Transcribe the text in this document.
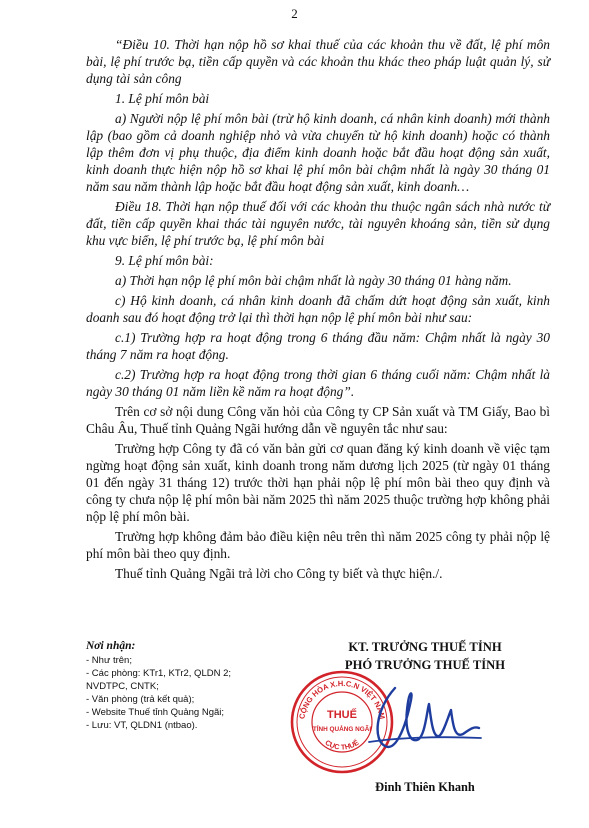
2

“Điều 10. Thời hạn nộp hồ sơ khai thuế của các khoản thu về đất, lệ phí môn bài, lệ phí trước bạ, tiền cấp quyền và các khoản thu khác theo pháp luật quản lý, sử dụng tài sản công

1. Lệ phí môn bài

a) Người nộp lệ phí môn bài (trừ hộ kinh doanh, cá nhân kinh doanh) mới thành lập (bao gồm cả doanh nghiệp nhỏ và vừa chuyển từ hộ kinh doanh) hoặc có thành lập thêm đơn vị phụ thuộc, địa điểm kinh doanh hoặc bắt đầu hoạt động sản xuất, kinh doanh thực hiện nộp hồ sơ khai lệ phí môn bài chậm nhất là ngày 30 tháng 01 năm sau năm thành lập hoặc bắt đầu hoạt động sản xuất, kinh doanh…

Điều 18. Thời hạn nộp thuế đối với các khoản thu thuộc ngân sách nhà nước từ đất, tiền cấp quyền khai thác tài nguyên nước, tài nguyên khoáng sản, tiền sử dụng khu vực biển, lệ phí trước bạ, lệ phí môn bài

9. Lệ phí môn bài:

a) Thời hạn nộp lệ phí môn bài chậm nhất là ngày 30 tháng 01 hàng năm.

c) Hộ kinh doanh, cá nhân kinh doanh đã chấm dứt hoạt động sản xuất, kinh doanh sau đó hoạt động trở lại thì thời hạn nộp lệ phí môn bài như sau:

c.1) Trường hợp ra hoạt động trong 6 tháng đầu năm: Chậm nhất là ngày 30 tháng 7 năm ra hoạt động.

c.2) Trường hợp ra hoạt động trong thời gian 6 tháng cuối năm: Chậm nhất là ngày 30 tháng 01 năm liền kề năm ra hoạt động”.

Trên cơ sở nội dung Công văn hỏi của Công ty CP Sản xuất và TM Giấy, Bao bì Châu Âu, Thuế tỉnh Quảng Ngãi hướng dẫn về nguyên tắc như sau:

Trường hợp Công ty đã có văn bản gửi cơ quan đăng ký kinh doanh về việc tạm ngừng hoạt động sản xuất, kinh doanh trong năm dương lịch 2025 (từ ngày 01 tháng 01 đến ngày 31 tháng 12) trước thời hạn phải nộp lệ phí môn bài theo quy định và công ty chưa nộp lệ phí môn bài năm 2025 thì năm 2025 thuộc trường hợp không phải nộp lệ phí môn bài.

Trường hợp không đảm bảo điều kiện nêu trên thì năm 2025 công ty phải nộp lệ phí môn bài theo quy định.

Thuế tỉnh Quảng Ngãi trả lời cho Công ty biết và thực hiện./.

Nơi nhận:
- Như trên;
- Các phòng: KTr1, KTr2, QLDN 2;
NVDTPC, CNTK;
- Văn phòng (trả kết quả);
- Website Thuế tỉnh Quảng Ngãi;
- Lưu: VT, QLDN1 (ntbao).
KT. TRƯỞNG THUẾ TỈNH
PHÓ TRƯỞNG THUẾ TỈNH
Đinh Thiên Khanh
CỘNG HÒA X.H.C.N VIỆT NAM
CỤC THUẾ
THUẾ
TỈNH QUẢNG NGÃI
